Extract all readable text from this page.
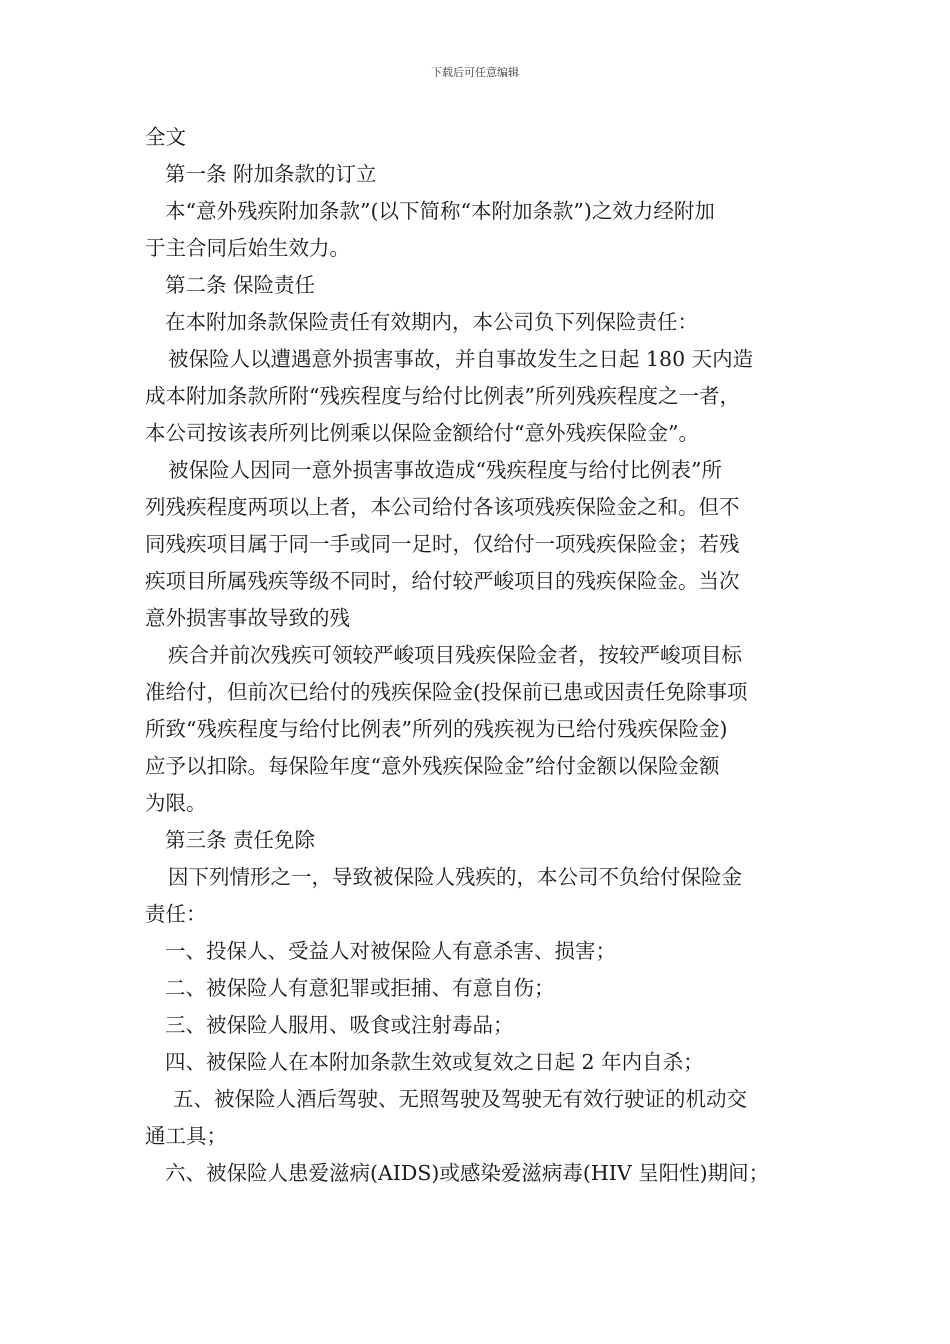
下载后可任意编辑
全文
第一条 附加条款的订立
本“意外残疾附加条款”(以下简称“本附加条款”)之效力经附加
于主合同后始生效力。
第二条 保险责任
在本附加条款保险责任有效期内，本公司负下列保险责任：
被保险人以遭遇意外损害事故，并自事故发生之日起 180 天内造
成本附加条款所附“残疾程度与给付比例表”所列残疾程度之一者，
本公司按该表所列比例乘以保险金额给付“意外残疾保险金”。
被保险人因同一意外损害事故造成“残疾程度与给付比例表”所
列残疾程度两项以上者，本公司给付各该项残疾保险金之和。但不
同残疾项目属于同一手或同一足时，仅给付一项残疾保险金；若残
疾项目所属残疾等级不同时，给付较严峻项目的残疾保险金。当次
意外损害事故导致的残
疾合并前次残疾可领较严峻项目残疾保险金者，按较严峻项目标
准给付，但前次已给付的残疾保险金(投保前已患或因责任免除事项
所致“残疾程度与给付比例表”所列的残疾视为已给付残疾保险金)
应予以扣除。每保险年度“意外残疾保险金”给付金额以保险金额
为限。
第三条 责任免除
因下列情形之一，导致被保险人残疾的，本公司不负给付保险金
责任：
一、投保人、受益人对被保险人有意杀害、损害；
二、被保险人有意犯罪或拒捕、有意自伤；
三、被保险人服用、吸食或注射毒品；
四、被保险人在本附加条款生效或复效之日起 2 年内自杀；
五、被保险人酒后驾驶、无照驾驶及驾驶无有效行驶证的机动交
通工具；
六、被保险人患爱滋病(AIDS)或感染爱滋病毒(HIV 呈阳性)期间；
